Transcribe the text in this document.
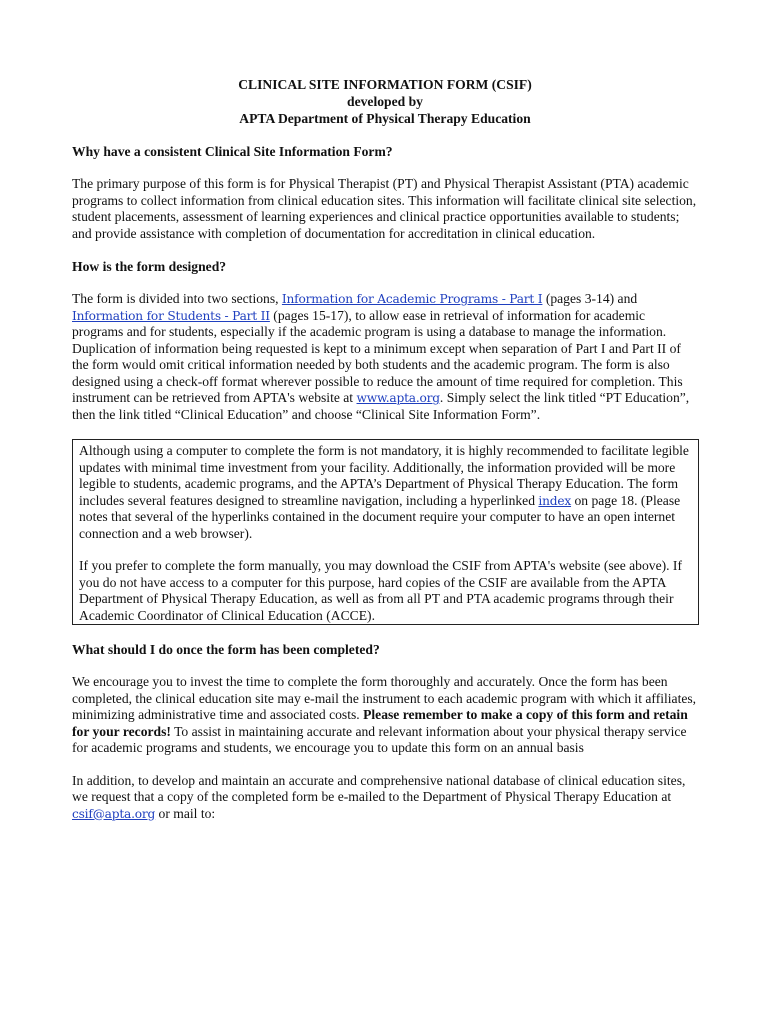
CLINICAL SITE INFORMATION FORM (CSIF)
developed by
APTA Department of Physical Therapy Education
Why have a consistent Clinical Site Information Form?

The primary purpose of this form is for Physical Therapist (PT) and Physical Therapist Assistant (PTA) academic programs to collect information from clinical education sites. This information will facilitate clinical site selection, student placements, assessment of learning experiences and clinical practice opportunities available to students; and provide assistance with completion of documentation for accreditation in clinical education.

How is the form designed?

The form is divided into two sections, Information for Academic Programs - Part I (pages 3-14) and Information for Students - Part II (pages 15-17), to allow ease in retrieval of information for academic programs and for students, especially if the academic program is using a database to manage the information. Duplication of information being requested is kept to a minimum except when separation of Part I and Part II of the form would omit critical information needed by both students and the academic program. The form is also designed using a check-off format wherever possible to reduce the amount of time required for completion. This instrument can be retrieved from APTA's website at www.apta.org. Simply select the link titled “PT Education”, then the link titled “Clinical Education” and choose “Clinical Site Information Form”.

Although using a computer to complete the form is not mandatory, it is highly recommended to facilitate legible updates with minimal time investment from your facility. Additionally, the information provided will be more legible to students, academic programs, and the APTA’s Department of Physical Therapy Education. The form includes several features designed to streamline navigation, including a hyperlinked index on page 18. (Please notes that several of the hyperlinks contained in the document require your computer to have an open internet connection and a web browser).

If you prefer to complete the form manually, you may download the CSIF from APTA's website (see above). If you do not have access to a computer for this purpose, hard copies of the CSIF are available from the APTA Department of Physical Therapy Education, as well as from all PT and PTA academic programs through their Academic Coordinator of Clinical Education (ACCE).

What should I do once the form has been completed?

We encourage you to invest the time to complete the form thoroughly and accurately. Once the form has been completed, the clinical education site may e-mail the instrument to each academic program with which it affiliates, minimizing administrative time and associated costs. Please remember to make a copy of this form and retain for your records! To assist in maintaining accurate and relevant information about your physical therapy service for academic programs and students, we encourage you to update this form on an annual basis

In addition, to develop and maintain an accurate and comprehensive national database of clinical education sites, we request that a copy of the completed form be e-mailed to the Department of Physical Therapy Education at csif@apta.org or mail to:
